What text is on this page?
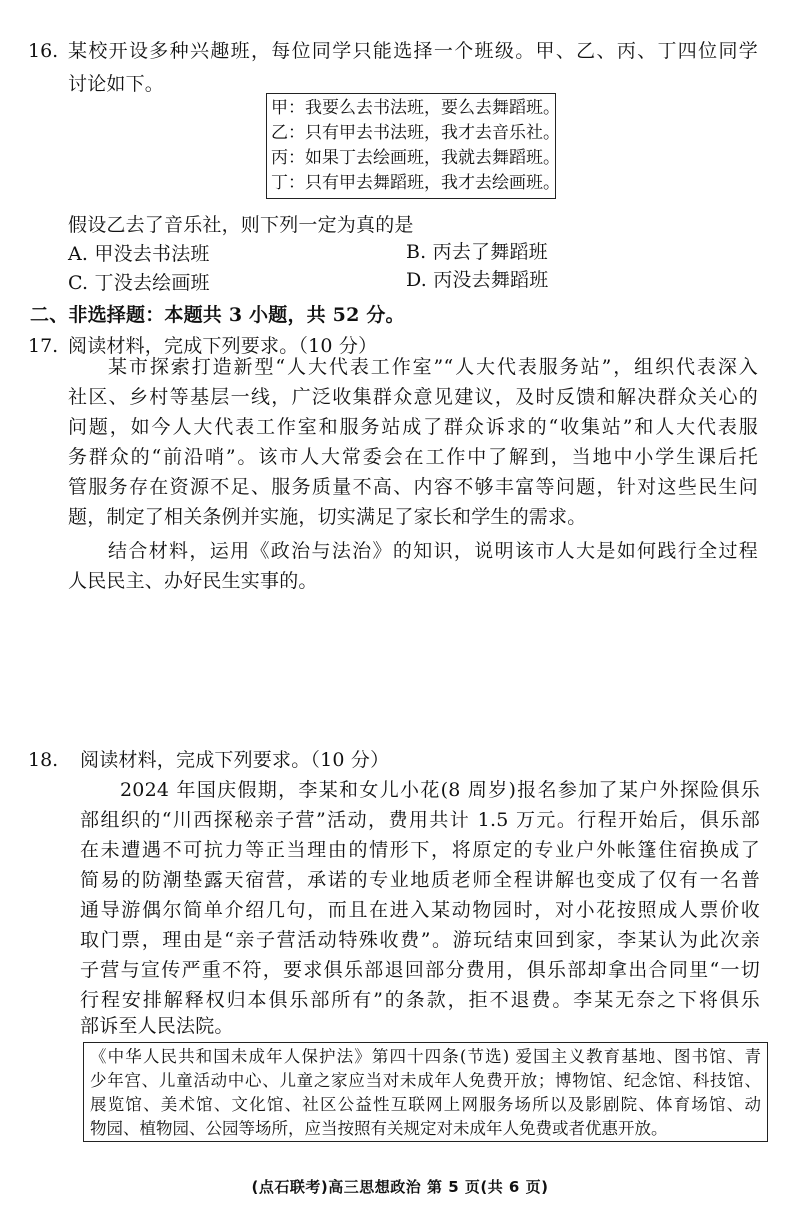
16. 某校开设多种兴趣班，每位同学只能选择一个班级。甲、乙、丙、丁四位同学
讨论如下。
甲：我要么去书法班，要么去舞蹈班。
乙：只有甲去书法班，我才去音乐社。
丙：如果丁去绘画班，我就去舞蹈班。
丁：只有甲去舞蹈班，我才去绘画班。
假设乙去了音乐社，则下列一定为真的是
A. 甲没去书法班	B. 丙去了舞蹈班
C. 丁没去绘画班	D. 丙没去舞蹈班
二、非选择题：本题共 3 小题，共 52 分。
17. 阅读材料，完成下列要求。（10 分）
某市探索打造新型“人大代表工作室”“人大代表服务站”，组织代表深入
社区、乡村等基层一线，广泛收集群众意见建议，及时反馈和解决群众关心的
问题，如今人大代表工作室和服务站成了群众诉求的“收集站”和人大代表服
务群众的“前沿哨”。该市人大常委会在工作中了解到，当地中小学生课后托
管服务存在资源不足、服务质量不高、内容不够丰富等问题，针对这些民生问
题，制定了相关条例并实施，切实满足了家长和学生的需求。
结合材料，运用《政治与法治》的知识，说明该市人大是如何践行全过程
人民民主、办好民生实事的。
18. 阅读材料，完成下列要求。（10 分）
2024 年国庆假期，李某和女儿小花(8 周岁)报名参加了某户外探险俱乐
部组织的“川西探秘亲子营”活动，费用共计 1.5 万元。行程开始后，俱乐部
在未遭遇不可抗力等正当理由的情形下，将原定的专业户外帐篷住宿换成了
简易的防潮垫露天宿营，承诺的专业地质老师全程讲解也变成了仅有一名普
通导游偶尔简单介绍几句，而且在进入某动物园时，对小花按照成人票价收
取门票，理由是“亲子营活动特殊收费”。游玩结束回到家，李某认为此次亲
子营与宣传严重不符，要求俱乐部退回部分费用，俱乐部却拿出合同里“一切
行程安排解释权归本俱乐部所有”的条款，拒不退费。李某无奈之下将俱乐
部诉至人民法院。
《中华人民共和国未成年人保护法》第四十四条(节选) 爱国主义教育基地、图书馆、青
少年宫、儿童活动中心、儿童之家应当对未成年人免费开放；博物馆、纪念馆、科技馆、
展览馆、美术馆、文化馆、社区公益性互联网上网服务场所以及影剧院、体育场馆、动
物园、植物园、公园等场所，应当按照有关规定对未成年人免费或者优惠开放。
(点石联考)高三思想政治 第 5 页(共 6 页)
